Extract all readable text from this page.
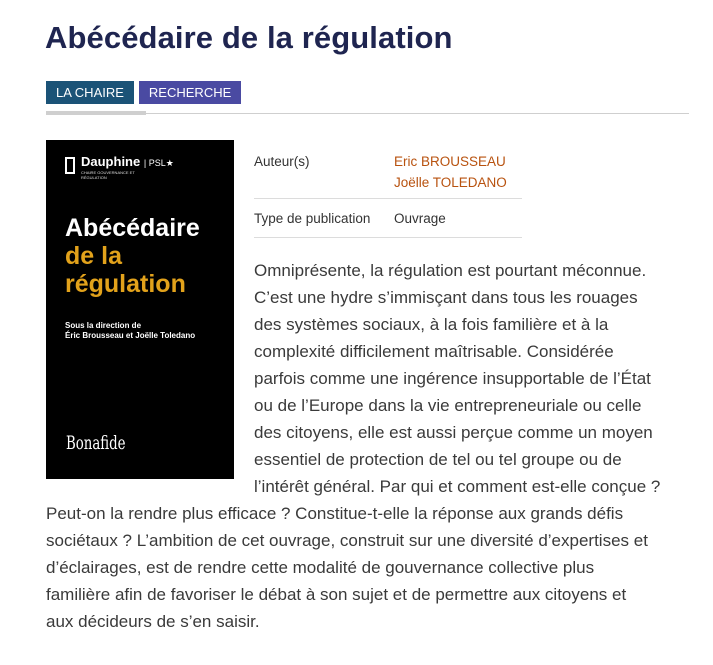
Abécédaire de la régulation
LA CHAIRE	RECHERCHE
Dauphine | PSL★
CHAIRE GOUVERNANCE ET RÉGULATION
Abécédaire
de la
régulation
Sous la direction de
Éric Brousseau et Joëlle Toledano
Bonafide
Auteur(s)	Eric BROUSSEAU
Joëlle TOLEDANO
Type de publication	Ouvrage
Omniprésente, la régulation est pourtant méconnue.
C’est une hydre s’immisçant dans tous les rouages
des systèmes sociaux, à la fois familière et à la
complexité difficilement maîtrisable. Considérée
parfois comme une ingérence insupportable de l’État
ou de l’Europe dans la vie entrepreneuriale ou celle
des citoyens, elle est aussi perçue comme un moyen
essentiel de protection de tel ou tel groupe ou de
l’intérêt général. Par qui et comment est-elle conçue ?
Peut-on la rendre plus efficace ? Constitue-t-elle la réponse aux grands défis
sociétaux ? L’ambition de cet ouvrage, construit sur une diversité d’expertises et
d’éclairages, est de rendre cette modalité de gouvernance collective plus
familière afin de favoriser le débat à son sujet et de permettre aux citoyens et
aux décideurs de s’en saisir.
